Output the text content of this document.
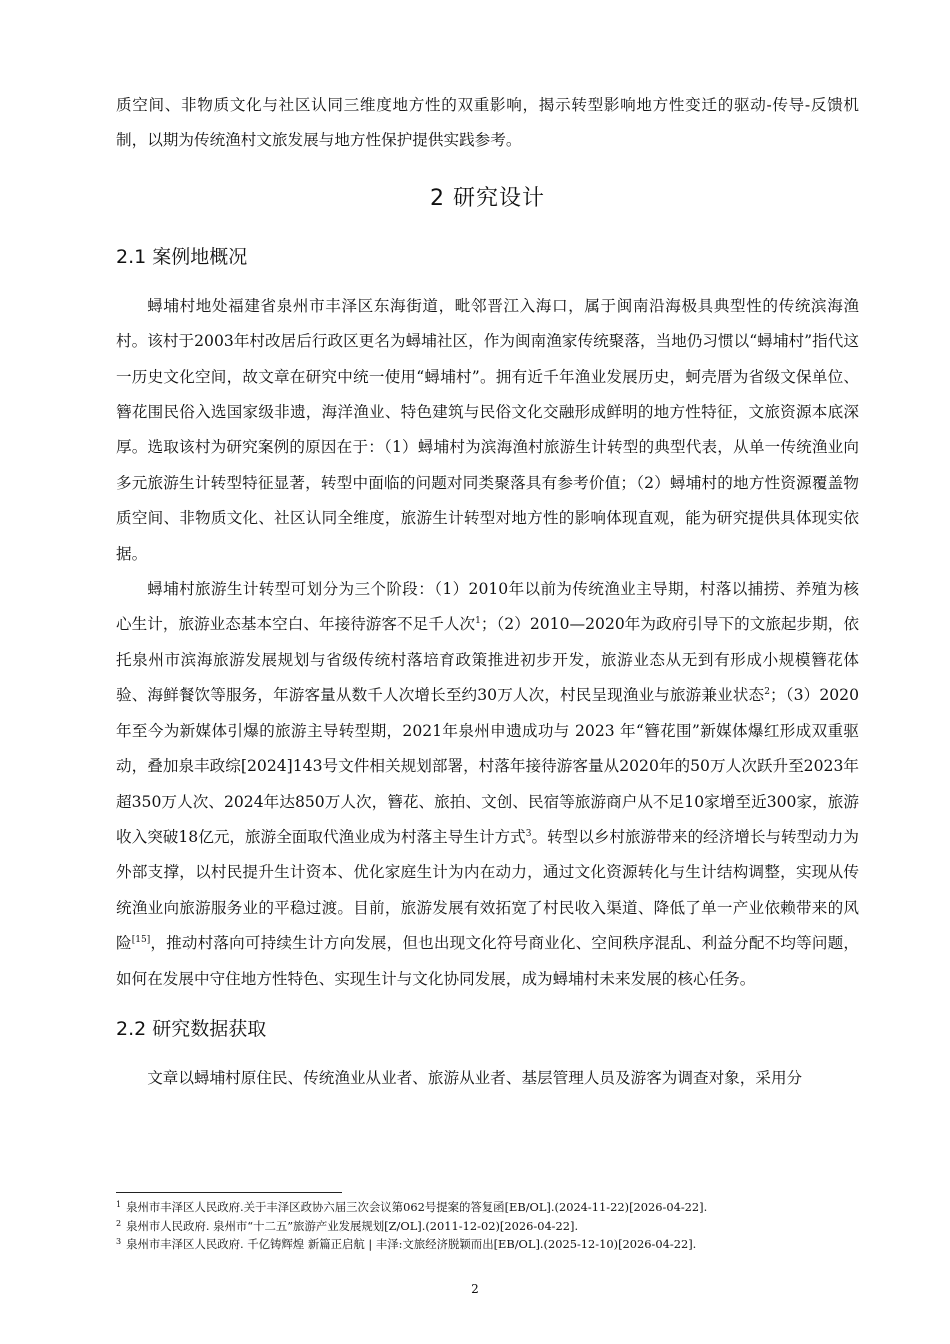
质空间、非物质文化与社区认同三维度地方性的双重影响，揭示转型影响地方性变迁的驱动-传导-反馈机制，以期为传统渔村文旅发展与地方性保护提供实践参考。

2 研究设计
2.1 案例地概况

蟳埔村地处福建省泉州市丰泽区东海街道，毗邻晋江入海口，属于闽南沿海极具典型性的传统滨海渔村。该村于2003年村改居后行政区更名为蟳埔社区，作为闽南渔家传统聚落，当地仍习惯以“蟳埔村”指代这一历史文化空间，故文章在研究中统一使用“蟳埔村”。拥有近千年渔业发展历史，蚵壳厝为省级文保单位、簪花围民俗入选国家级非遗，海洋渔业、特色建筑与民俗文化交融形成鲜明的地方性特征，文旅资源本底深厚。选取该村为研究案例的原因在于：（1）蟳埔村为滨海渔村旅游生计转型的典型代表，从单一传统渔业向多元旅游生计转型特征显著，转型中面临的问题对同类聚落具有参考价值；（2）蟳埔村的地方性资源覆盖物质空间、非物质文化、社区认同全维度，旅游生计转型对地方性的影响体现直观，能为研究提供具体现实依据。

蟳埔村旅游生计转型可划分为三个阶段：（1）2010年以前为传统渔业主导期，村落以捕捞、养殖为核心生计，旅游业态基本空白、年接待游客不足千人次$^1$；（2）2010—2020年为政府引导下的文旅起步期，依托泉州市滨海旅游发展规划与省级传统村落培育政策推进初步开发，旅游业态从无到有形成小规模簪花体验、海鲜餐饮等服务，年游客量从数千人次增长至约30万人次，村民呈现渔业与旅游兼业状态$^2$；（3）2020年至今为新媒体引爆的旅游主导转型期，2021年泉州申遗成功与 2023 年“簪花围”新媒体爆红形成双重驱动，叠加泉丰政综[2024]143号文件相关规划部署，村落年接待游客量从2020年的50万人次跃升至2023年超350万人次、2024年达850万人次，簪花、旅拍、文创、民宿等旅游商户从不足10家增至近300家，旅游收入突破18亿元，旅游全面取代渔业成为村落主导生计方式$^3$。转型以乡村旅游带来的经济增长与转型动力为外部支撑，以村民提升生计资本、优化家庭生计为内在动力，通过文化资源转化与生计结构调整，实现从传统渔业向旅游服务业的平稳过渡。目前，旅游发展有效拓宽了村民收入渠道、降低了单一产业依赖带来的风险[15]，推动村落向可持续生计方向发展，但也出现文化符号商业化、空间秩序混乱、利益分配不均等问题，如何在发展中守住地方性特色、实现生计与文化协同发展，成为蟳埔村未来发展的核心任务。

2.2 研究数据获取

文章以蟳埔村原住民、传统渔业从业者、旅游从业者、基层管理人员及游客为调查对象，采用分

$^1$ 泉州市丰泽区人民政府.关于丰泽区政协六届三次会议第062号提案的答复函[EB/OL].(2024-11-22)[2026-04-22].

$^2$ 泉州市人民政府. 泉州市“十二五”旅游产业发展规划[Z/OL].(2011-12-02)[2026-04-22].

$^3$ 泉州市丰泽区人民政府. 千亿铸辉煌 新篇正启航 | 丰泽:文旅经济脱颖而出[EB/OL].(2025-12-10)[2026-04-22].

2
